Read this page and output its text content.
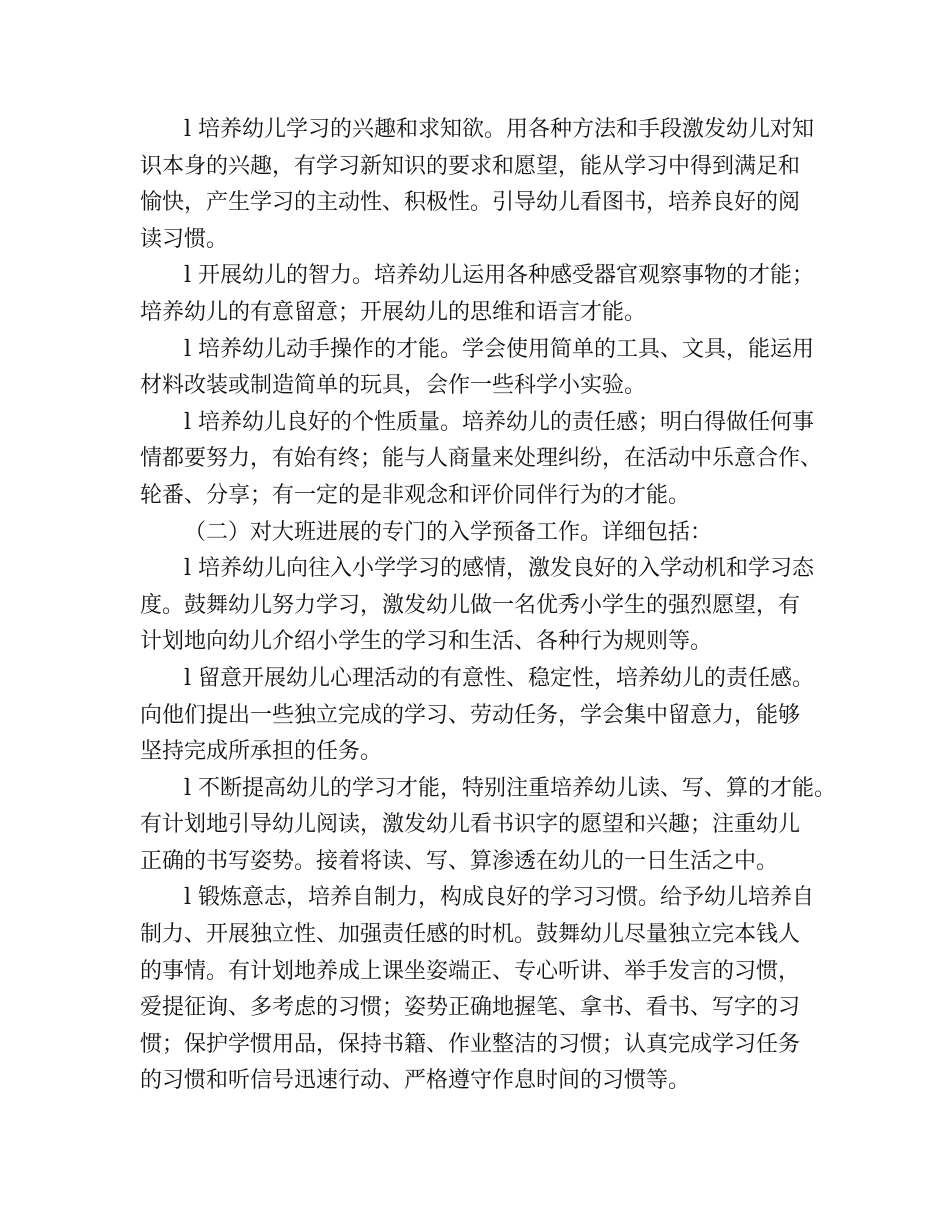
l 培养幼儿学习的兴趣和求知欲。用各种方法和手段激发幼儿对知
识本身的兴趣，有学习新知识的要求和愿望，能从学习中得到满足和
愉快，产生学习的主动性、积极性。引导幼儿看图书，培养良好的阅
读习惯。
l 开展幼儿的智力。培养幼儿运用各种感受器官观察事物的才能；
培养幼儿的有意留意；开展幼儿的思维和语言才能。
l 培养幼儿动手操作的才能。学会使用简单的工具、文具，能运用
材料改装或制造简单的玩具，会作一些科学小实验。
l 培养幼儿良好的个性质量。培养幼儿的责任感；明白得做任何事
情都要努力，有始有终；能与人商量来处理纠纷，在活动中乐意合作、
轮番、分享；有一定的是非观念和评价同伴行为的才能。
（二）对大班进展的专门的入学预备工作。详细包括：
l 培养幼儿向往入小学学习的感情，激发良好的入学动机和学习态
度。鼓舞幼儿努力学习，激发幼儿做一名优秀小学生的强烈愿望，有
计划地向幼儿介绍小学生的学习和生活、各种行为规则等。
l 留意开展幼儿心理活动的有意性、稳定性，培养幼儿的责任感。
向他们提出一些独立完成的学习、劳动任务，学会集中留意力，能够
坚持完成所承担的任务。
l 不断提高幼儿的学习才能，特别注重培养幼儿读、写、算的才能。
有计划地引导幼儿阅读，激发幼儿看书识字的愿望和兴趣；注重幼儿
正确的书写姿势。接着将读、写、算渗透在幼儿的一日生活之中。
l 锻炼意志，培养自制力，构成良好的学习习惯。给予幼儿培养自
制力、开展独立性、加强责任感的时机。鼓舞幼儿尽量独立完本钱人
的事情。有计划地养成上课坐姿端正、专心听讲、举手发言的习惯，
爱提征询、多考虑的习惯；姿势正确地握笔、拿书、看书、写字的习
惯；保护学惯用品，保持书籍、作业整洁的习惯；认真完成学习任务
的习惯和听信号迅速行动、严格遵守作息时间的习惯等。
